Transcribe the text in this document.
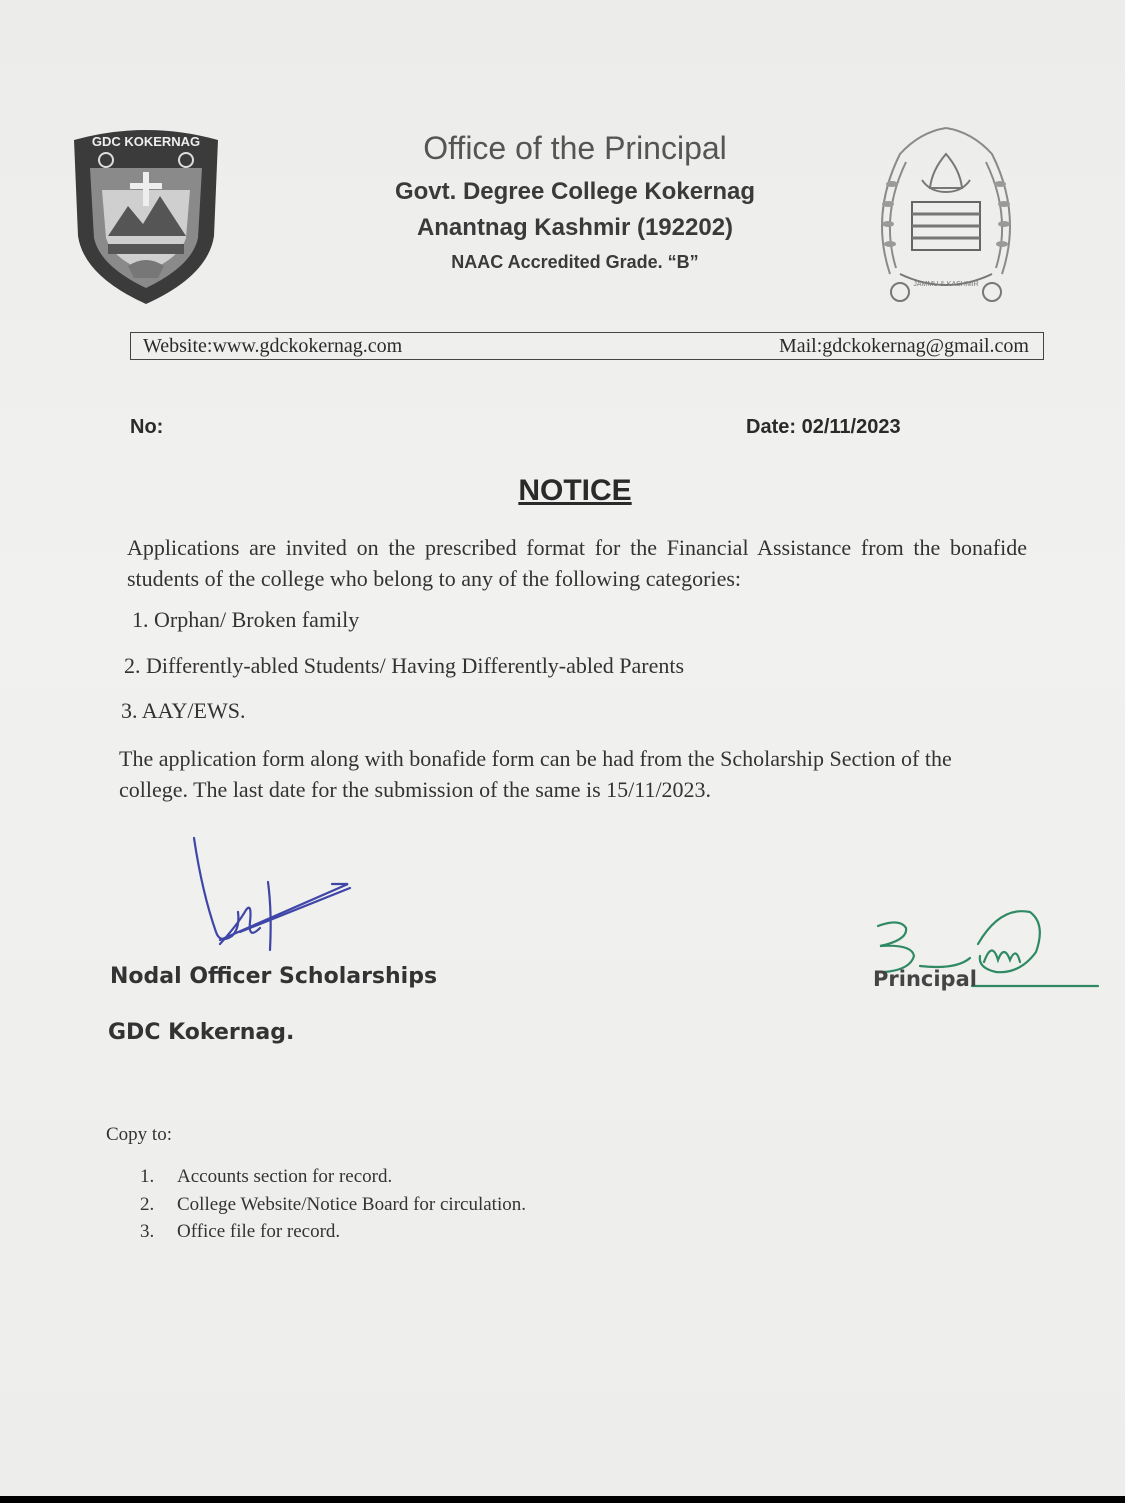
GDC KOKERNAG	Office of the Principal
Govt. Degree College Kokernag
Anantnag Kashmir (192202)
NAAC Accredited Grade. “B”
JAMMU & KASHMIR
Website:www.gdckokernag.com	Mail:gdckokernag@gmail.com
No:	Date: 02/11/2023
NOTICE
Applications are invited on the prescribed format for the Financial Assistance from the bonafide students of the college who belong to any of the following categories:
1. Orphan/ Broken family
2. Differently-abled Students/ Having Differently-abled Parents
3. AAY/EWS.
The application form along with bonafide form can be had from the Scholarship Section of the college. The last date for the submission of the same is 15/11/2023.
Nodal Officer Scholarships
GDC Kokernag.
Principal
Copy to:
1. Accounts section for record.
2. College Website/Notice Board for circulation.
3. Office file for record.
